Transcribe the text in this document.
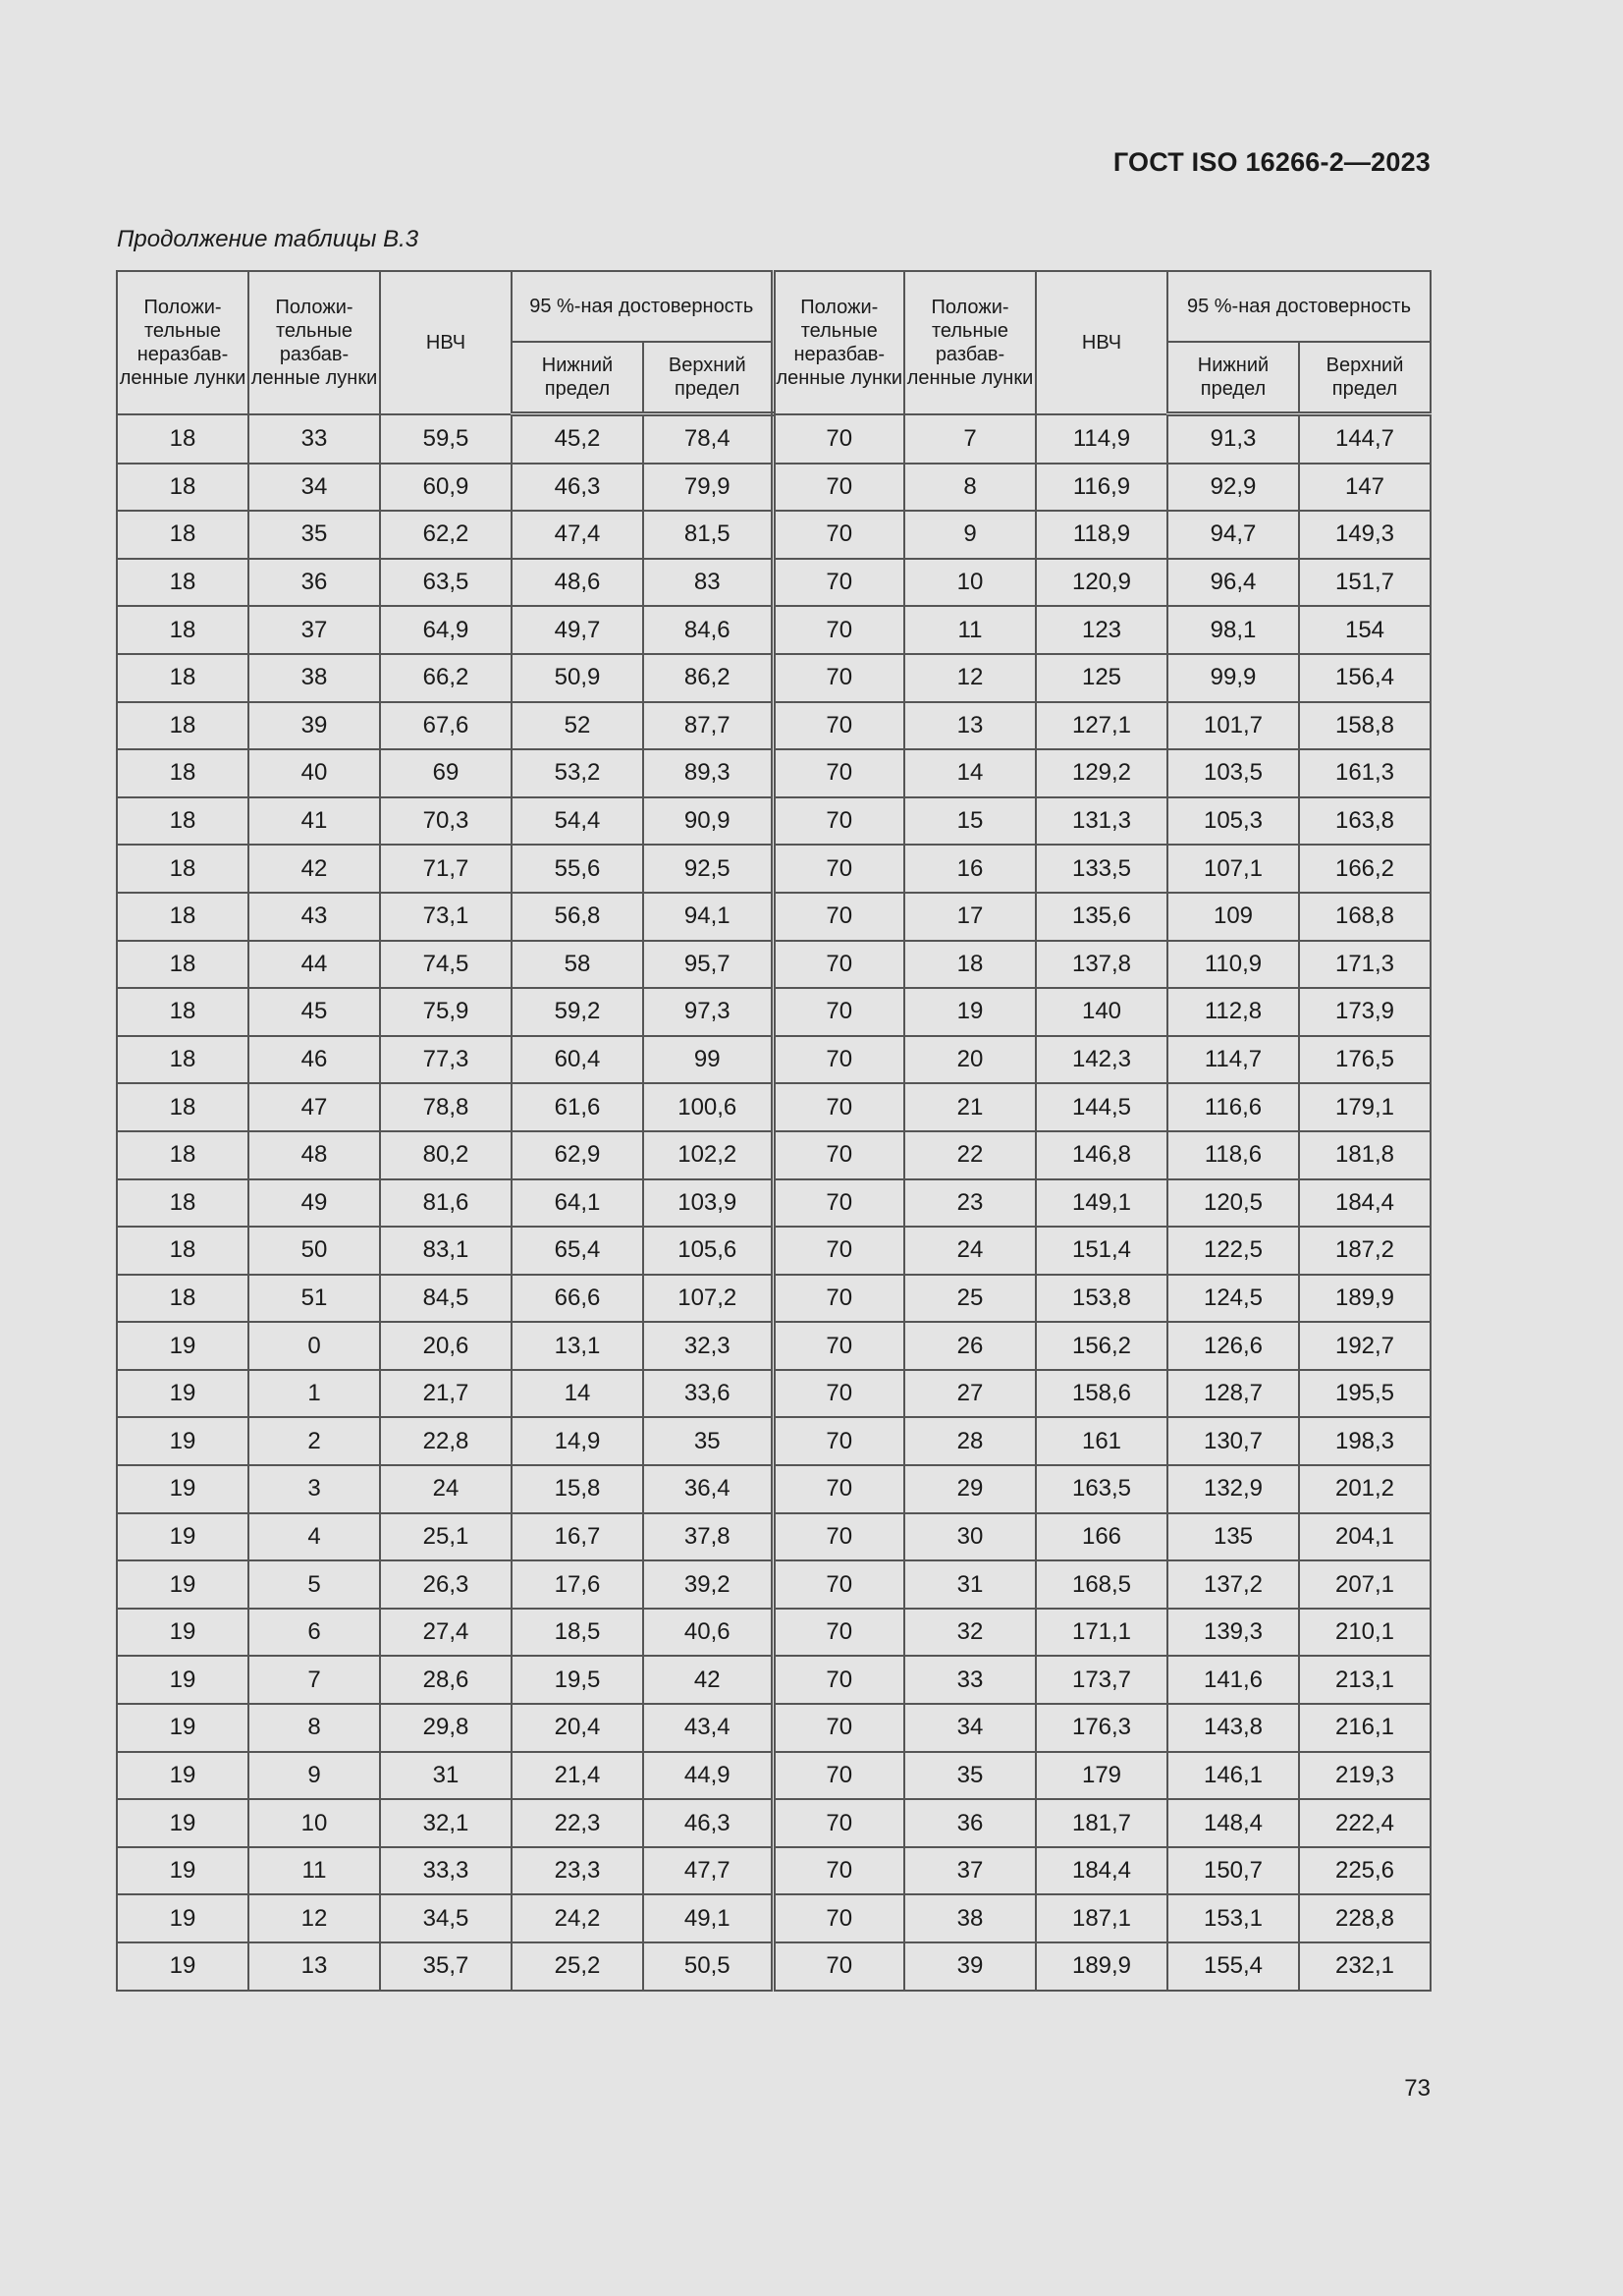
ГОСТ ISO 16266-2—2023
Продолжение таблицы В.3
Положи-тельные неразбав-ленные лунки	Положи-тельные разбав-ленные лунки	НВЧ	95 %-ная достоверность		Положи-тельные неразбав-ленные лунки	Положи-тельные разбав-ленные лунки	НВЧ	95 %-ная достоверность	
			Нижний предел	Верхний предел				Нижний предел	Верхний предел
18	33	59,5	45,2	78,4	70	7	114,9	91,3	144,7
18	34	60,9	46,3	79,9	70	8	116,9	92,9	147
18	35	62,2	47,4	81,5	70	9	118,9	94,7	149,3
18	36	63,5	48,6	83	70	10	120,9	96,4	151,7
18	37	64,9	49,7	84,6	70	11	123	98,1	154
18	38	66,2	50,9	86,2	70	12	125	99,9	156,4
18	39	67,6	52	87,7	70	13	127,1	101,7	158,8
18	40	69	53,2	89,3	70	14	129,2	103,5	161,3
18	41	70,3	54,4	90,9	70	15	131,3	105,3	163,8
18	42	71,7	55,6	92,5	70	16	133,5	107,1	166,2
18	43	73,1	56,8	94,1	70	17	135,6	109	168,8
18	44	74,5	58	95,7	70	18	137,8	110,9	171,3
18	45	75,9	59,2	97,3	70	19	140	112,8	173,9
18	46	77,3	60,4	99	70	20	142,3	114,7	176,5
18	47	78,8	61,6	100,6	70	21	144,5	116,6	179,1
18	48	80,2	62,9	102,2	70	22	146,8	118,6	181,8
18	49	81,6	64,1	103,9	70	23	149,1	120,5	184,4
18	50	83,1	65,4	105,6	70	24	151,4	122,5	187,2
18	51	84,5	66,6	107,2	70	25	153,8	124,5	189,9
19	0	20,6	13,1	32,3	70	26	156,2	126,6	192,7
19	1	21,7	14	33,6	70	27	158,6	128,7	195,5
19	2	22,8	14,9	35	70	28	161	130,7	198,3
19	3	24	15,8	36,4	70	29	163,5	132,9	201,2
19	4	25,1	16,7	37,8	70	30	166	135	204,1
19	5	26,3	17,6	39,2	70	31	168,5	137,2	207,1
19	6	27,4	18,5	40,6	70	32	171,1	139,3	210,1
19	7	28,6	19,5	42	70	33	173,7	141,6	213,1
19	8	29,8	20,4	43,4	70	34	176,3	143,8	216,1
19	9	31	21,4	44,9	70	35	179	146,1	219,3
19	10	32,1	22,3	46,3	70	36	181,7	148,4	222,4
19	11	33,3	23,3	47,7	70	37	184,4	150,7	225,6
19	12	34,5	24,2	49,1	70	38	187,1	153,1	228,8
19	13	35,7	25,2	50,5	70	39	189,9	155,4	232,1
73
